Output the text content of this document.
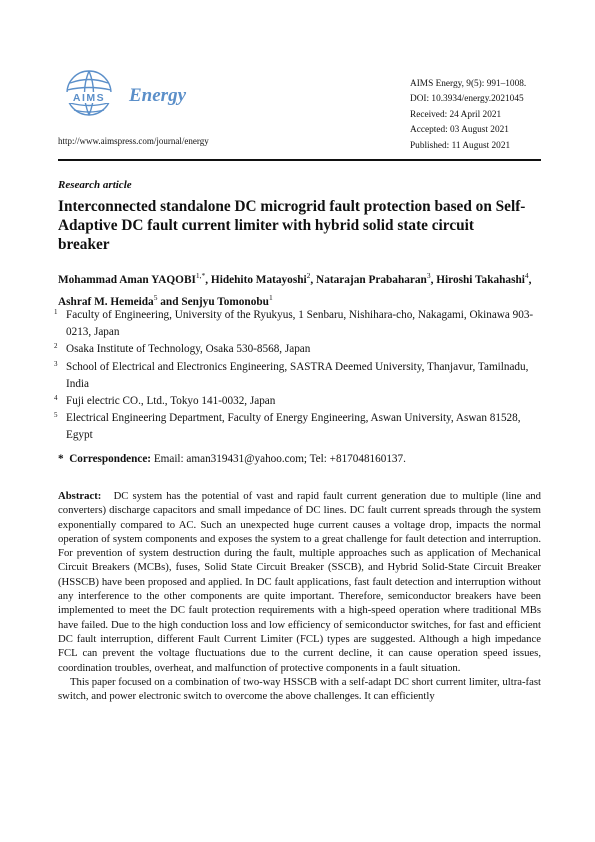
AIMS Energy
http://www.aimspress.com/journal/energy
AIMS Energy, 9(5): 991–1008.
DOI: 10.3934/energy.2021045
Received: 24 April 2021
Accepted: 03 August 2021
Published: 11 August 2021
Research article
Interconnected standalone DC microgrid fault protection based on Self-Adaptive DC fault current limiter with hybrid solid state circuit breaker
Mohammad Aman $YAQOBI^{1,*}$, Hidehito Matayoshi$^2$, Natarajan Prabaharan$^3$, Hiroshi Takahashi$^4$, Ashraf M. Hemeida$^5$ and Senjyu Tomonobu$^1$
1 Faculty of Engineering, University of the Ryukyus, 1 Senbaru, Nishihara-cho, Nakagami, Okinawa 903-0213, Japan
2 Osaka Institute of Technology, Osaka 530-8568, Japan
3 School of Electrical and Electronics Engineering, SASTRA Deemed University, Thanjavur, Tamilnadu, India
4 Fuji electric CO., Ltd., Tokyo 141-0032, Japan
5 Electrical Engineering Department, Faculty of Energy Engineering, Aswan University, Aswan 81528, Egypt
* Correspondence: Email: aman319431@yahoo.com; Tel: +817048160137.

Abstract: DC system has the potential of vast and rapid fault current generation due to multiple (line and converters) discharge capacitors and small impedance of DC lines. DC fault current spreads through the system exponentially compared to AC. Such an unexpected huge current causes a voltage drop, impacts the normal operation of system components and exposes the system to a great challenge for fault detection and interruption. For prevention of system destruction during the fault, multiple approaches such as application of Mechanical Circuit Breakers (MCBs), fuses, Solid State Circuit Breaker (SSCB), and Hybrid Solid-State Circuit Breaker (HSSCB) have been proposed and applied. In DC fault applications, fast fault detection and interruption without any interference to the other components are quite important. Therefore, semiconductor breakers have been implemented to meet the DC fault protection requirements with a high-speed operation where traditional MBs have failed. Due to the high conduction loss and low efficiency of semiconductor switches, for fast and efficient DC fault interruption, different Fault Current Limiter (FCL) types are suggested. Although a high impedance FCL can prevent the voltage fluctuations due to the current decline, it can cause operation speed issues, coordination troubles, overheat, and malfunction of protective components in a fault situation.

This paper focused on a combination of two-way HSSCB with a self-adapt DC short current limiter, ultra-fast switch, and power electronic switch to overcome the above challenges. It can efficiently
